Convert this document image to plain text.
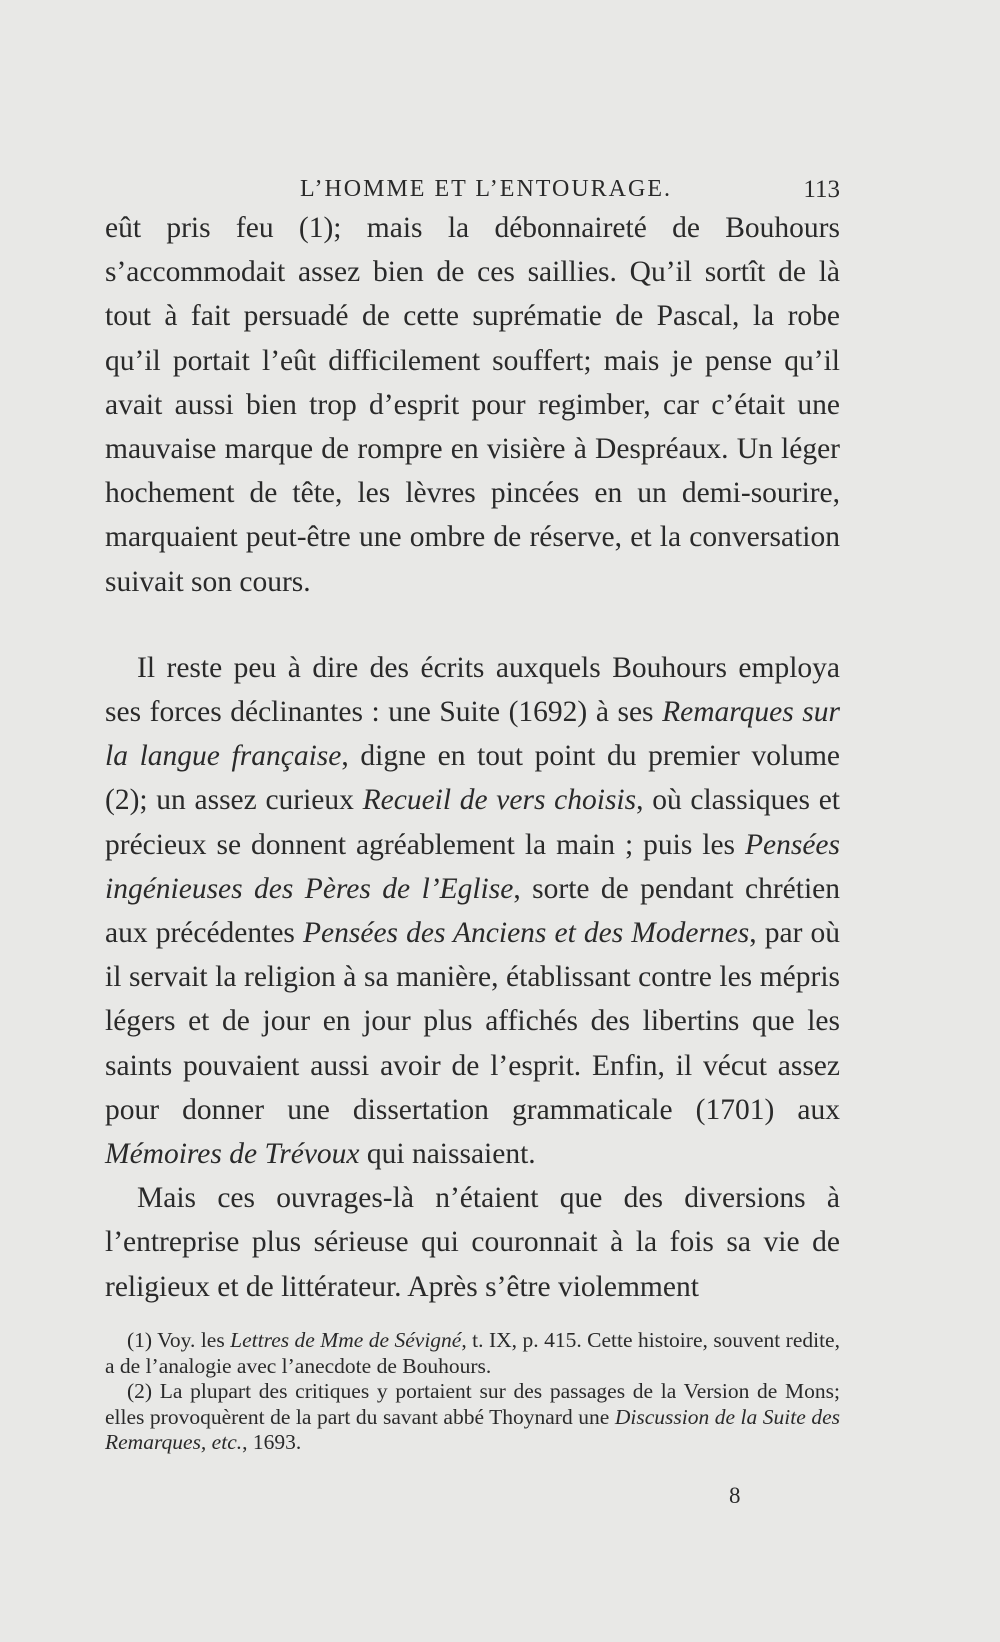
L’HOMME ET L’ENTOURAGE.	113

eût pris feu (1); mais la débonnaireté de Bouhours s’accommodait assez bien de ces saillies. Qu’il sortît de là tout à fait persuadé de cette suprématie de Pascal, la robe qu’il portait l’eût difficilement souffert; mais je pense qu’il avait aussi bien trop d’esprit pour regimber, car c’était une mauvaise marque de rompre en visière à Despréaux. Un léger hochement de tête, les lèvres pincées en un demi-sourire, marquaient peut-être une ombre de réserve, et la conversation suivait son cours.

Il reste peu à dire des écrits auxquels Bouhours employa ses forces déclinantes : une Suite (1692) à ses Remarques sur la langue française, digne en tout point du premier volume (2); un assez curieux Recueil de vers choisis, où classiques et précieux se donnent agréablement la main ; puis les Pensées ingénieuses des Pères de l’Eglise, sorte de pendant chrétien aux précédentes Pensées des Anciens et des Modernes, par où il servait la religion à sa manière, établissant contre les mépris légers et de jour en jour plus affichés des libertins que les saints pouvaient aussi avoir de l’esprit. Enfin, il vécut assez pour donner une dissertation grammaticale (1701) aux Mémoires de Trévoux qui naissaient.

Mais ces ouvrages-là n’étaient que des diversions à l’entreprise plus sérieuse qui couronnait à la fois sa vie de religieux et de littérateur. Après s’être violemment

(1) Voy. les Lettres de Mme de Sévigné, t. IX, p. 415. Cette histoire, souvent redite, a de l’analogie avec l’anecdote de Bouhours.

(2) La plupart des critiques y portaient sur des passages de la Version de Mons; elles provoquèrent de la part du savant abbé Thoynard une Discussion de la Suite des Remarques, etc., 1693.

8
